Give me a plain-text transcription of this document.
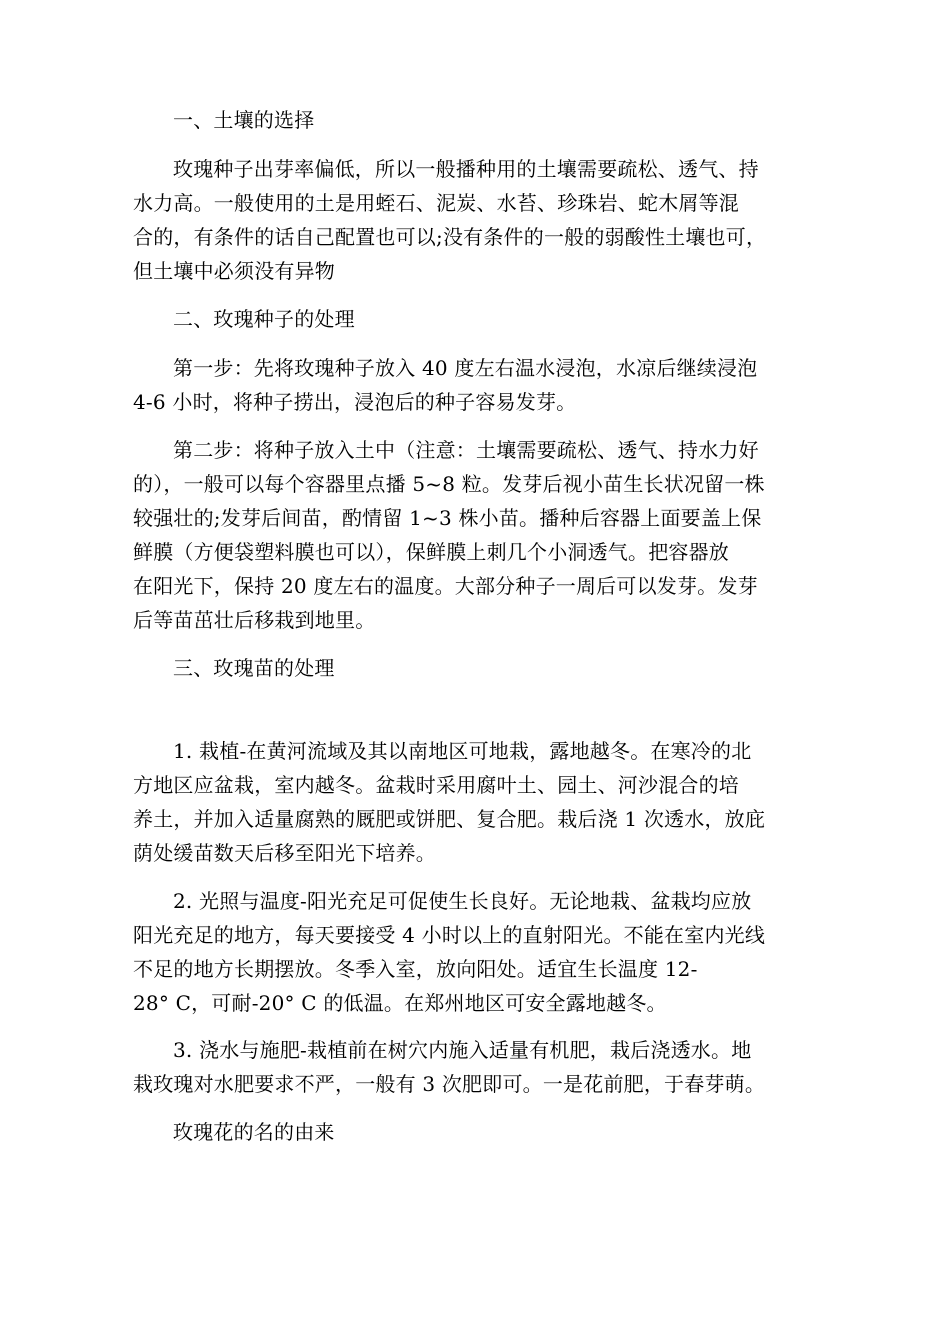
一、土壤的选择

玫瑰种子出芽率偏低，所以一般播种用的土壤需要疏松、透气、持
水力高。一般使用的土是用蛭石、泥炭、水苔、珍珠岩、蛇木屑等混
合的，有条件的话自己配置也可以;没有条件的一般的弱酸性土壤也可，
但土壤中必须没有异物

二、玫瑰种子的处理

第一步：先将玫瑰种子放入 40 度左右温水浸泡，水凉后继续浸泡
4-6 小时，将种子捞出，浸泡后的种子容易发芽。

第二步：将种子放入土中（注意：土壤需要疏松、透气、持水力好
的），一般可以每个容器里点播 5~8 粒。发芽后视小苗生长状况留一株
较强壮的;发芽后间苗，酌情留 1~3 株小苗。播种后容器上面要盖上保
鲜膜（方便袋塑料膜也可以），保鲜膜上刺几个小洞透气。把容器放
在阳光下，保持 20 度左右的温度。大部分种子一周后可以发芽。发芽
后等苗茁壮后移栽到地里。

三、玫瑰苗的处理

1. 栽植-在黄河流域及其以南地区可地栽，露地越冬。在寒冷的北
方地区应盆栽，室内越冬。盆栽时采用腐叶土、园土、河沙混合的培
养土，并加入适量腐熟的厩肥或饼肥、复合肥。栽后浇 1 次透水，放庇
荫处缓苗数天后移至阳光下培养。

2. 光照与温度-阳光充足可促使生长良好。无论地栽、盆栽均应放
阳光充足的地方，每天要接受 4 小时以上的直射阳光。不能在室内光线
不足的地方长期摆放。冬季入室，放向阳处。适宜生长温度 12-
28° C，可耐-20° C 的低温。在郑州地区可安全露地越冬。

3. 浇水与施肥-栽植前在树穴内施入适量有机肥，栽后浇透水。地
栽玫瑰对水肥要求不严，一般有 3 次肥即可。一是花前肥，于春芽萌。

玫瑰花的名的由来
